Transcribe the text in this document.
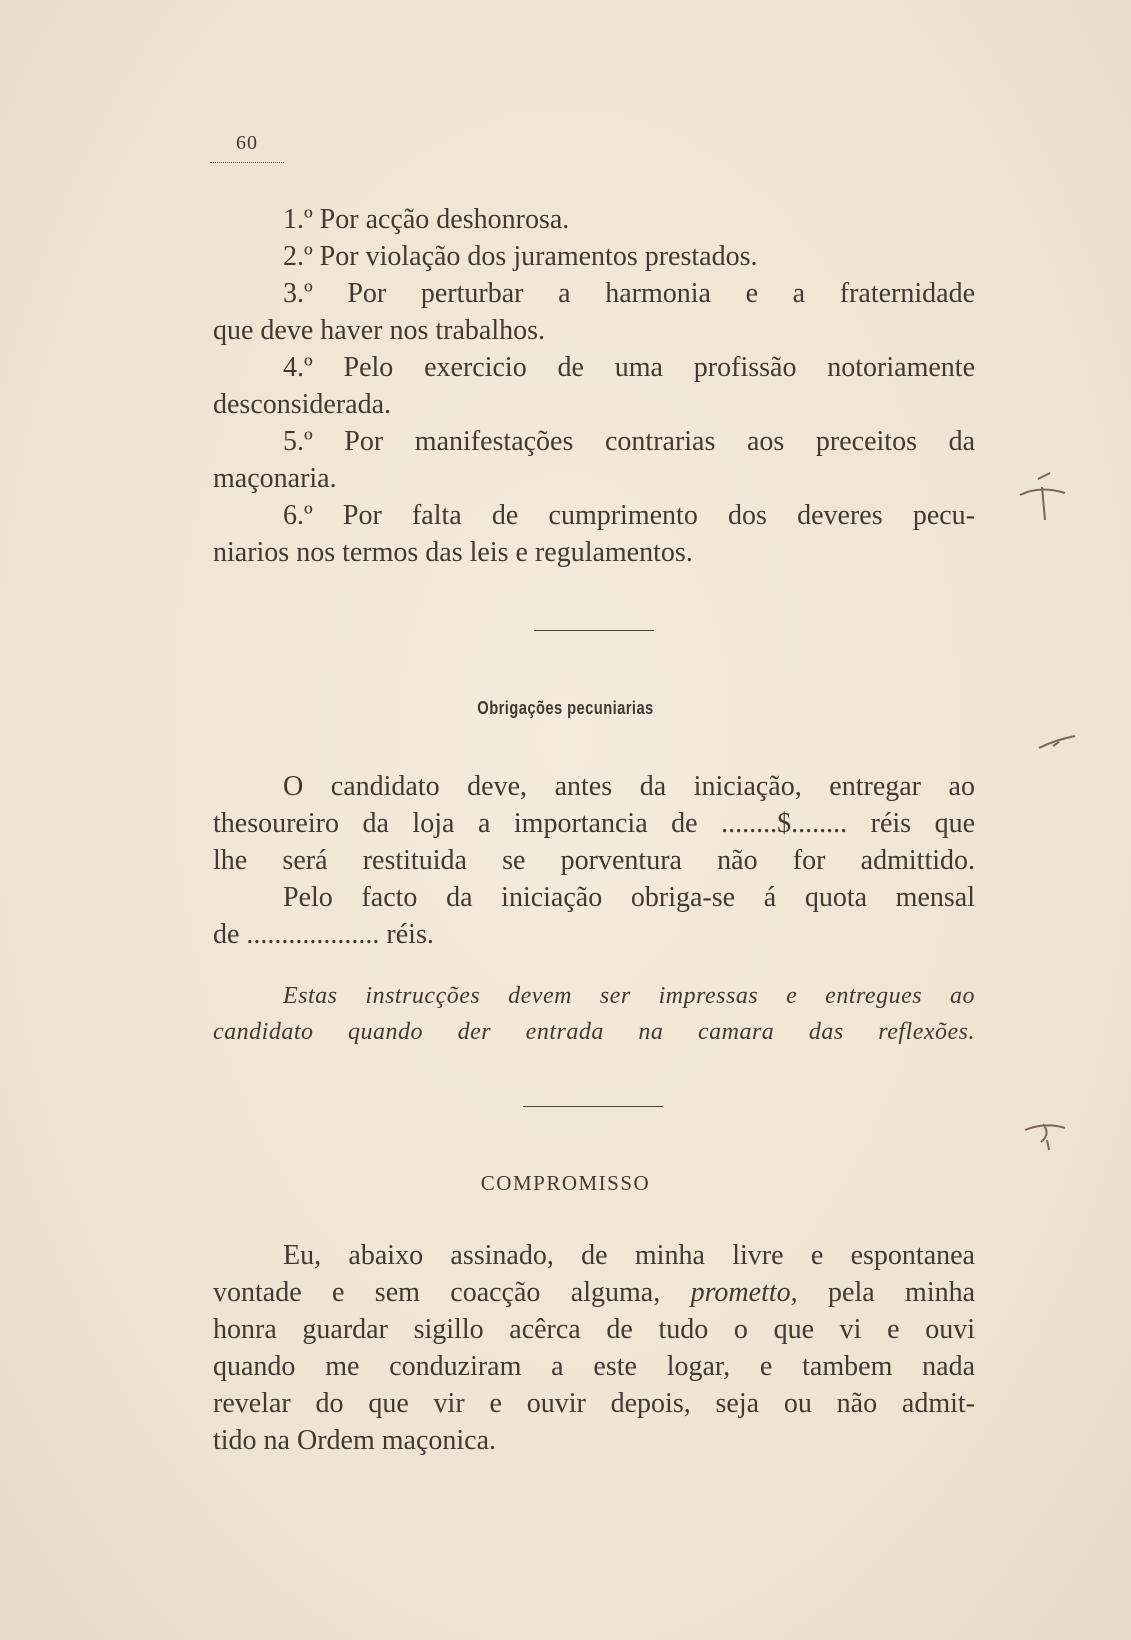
60
1.º Por acção deshonrosa.
2.º Por violação dos juramentos prestados.
3.º Por perturbar a harmonia e a fraternidade
que deve haver nos trabalhos.
4.º Pelo exercicio de uma profissão notoriamente
desconsiderada.
5.º Por manifestações contrarias aos preceitos da
maçonaria.
6.º Por falta de cumprimento dos deveres pecu-
niarios nos termos das leis e regulamentos.
Obrigações pecuniarias
O candidato deve, antes da iniciação, entregar ao
thesoureiro da loja a importancia de ........$........ réis que
lhe será restituida se porventura não for admittido.
Pelo facto da iniciação obriga-se á quota mensal
de ................... réis.
Estas instrucções devem ser impressas e entregues ao
candidato quando der entrada na camara das reflexões.
COMPROMISSO
Eu, abaixo assinado, de minha livre e espontanea
vontade e sem coacção alguma, prometto, pela minha
honra guardar sigillo acêrca de tudo o que vi e ouvi
quando me conduziram a este logar, e tambem nada
revelar do que vir e ouvir depois, seja ou não admit-
tido na Ordem maçonica.
